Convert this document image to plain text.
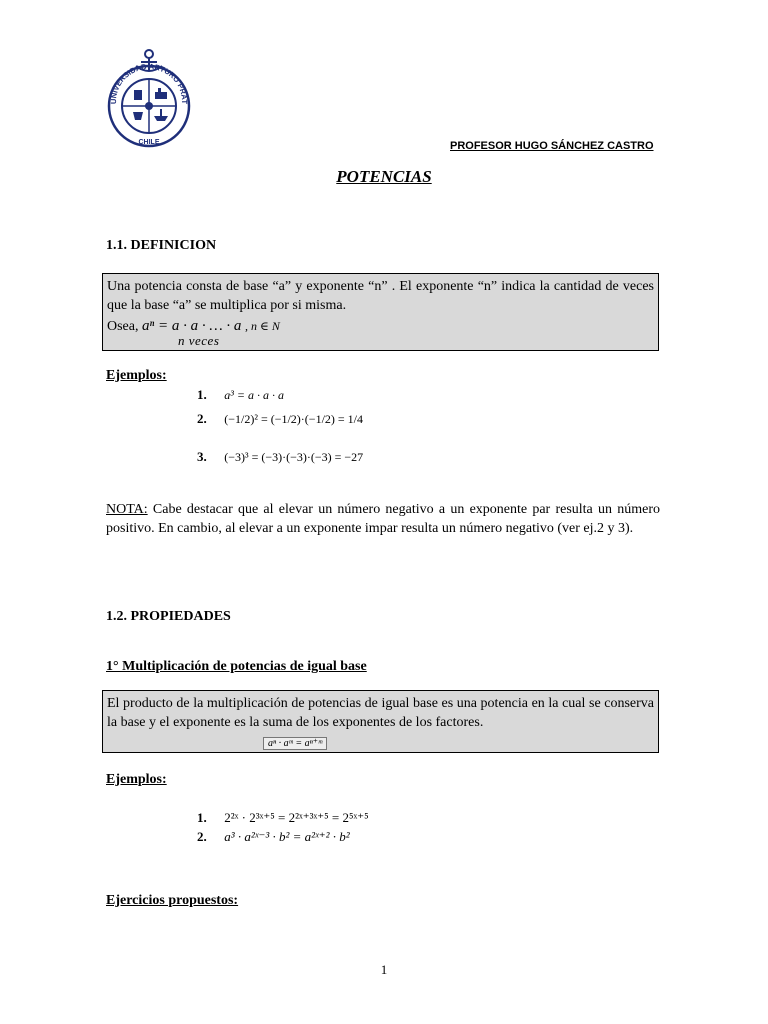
UNIVERSIDAD ARTURO PRAT
CHILE	PROFESOR HUGO SÁNCHEZ CASTRO
POTENCIAS
1.1. DEFINICION
Una potencia consta de base “a” y exponente “n” . El exponente “n” indica la cantidad de veces que la base “a” se multiplica por si misma.
Osea, aⁿ = a · a · … · a
n veces
, n ∈ N
Ejemplos:
1. a³ = a · a · a
2. (−1/2)² = (−1/2)·(−1/2) = 1/4
3. (−3)³ = (−3)·(−3)·(−3) = −27
NOTA: Cabe destacar que al elevar un número negativo a un exponente par resulta un número positivo. En cambio, al elevar a un exponente impar resulta un número negativo (ver ej.2 y 3).
1.2. PROPIEDADES
1° Multiplicación de potencias de igual base
El producto de la multiplicación de potencias de igual base es una potencia en la cual se conserva la base y el exponente es la suma de los exponentes de los factores.
aⁿ · aᵐ = aⁿ⁺ᵐ
Ejemplos:
1. 2²ˣ · 2³ˣ⁺⁵ = 2²ˣ⁺³ˣ⁺⁵ = 2⁵ˣ⁺⁵
2. a³ · a²ˣ⁻³ · b² = a²ˣ⁺² · b²
Ejercicios propuestos:
1
